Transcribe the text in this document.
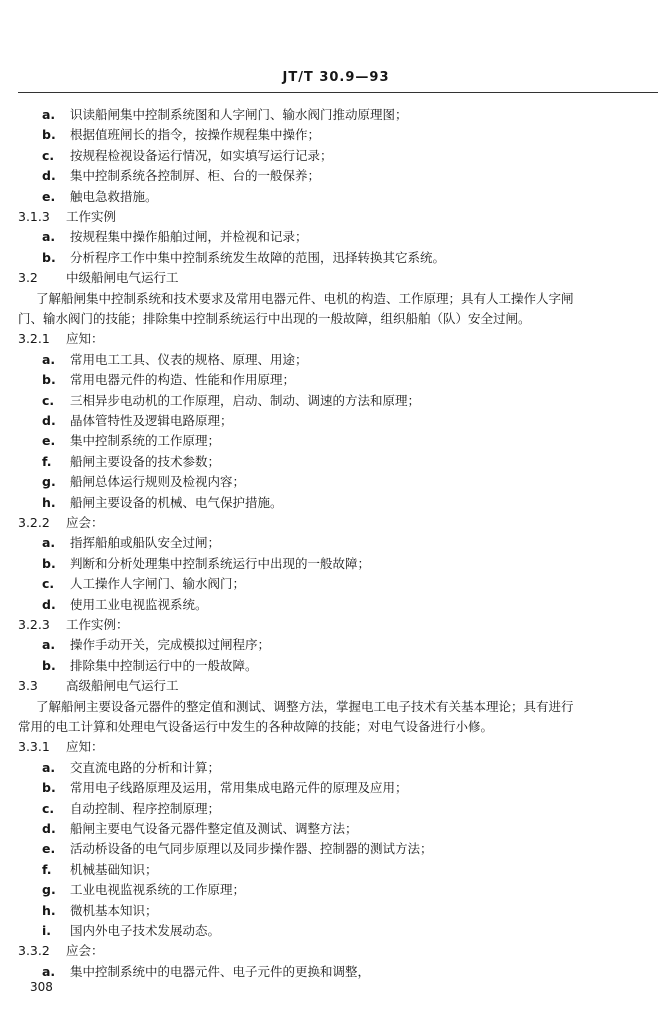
JT/T 30.9—93
a. 识读船闸集中控制系统图和人字闸门、输水阀门推动原理图；
b. 根据值班闸长的指令，按操作规程集中操作；
c. 按规程检视设备运行情况，如实填写运行记录；
d. 集中控制系统各控制屏、柜、台的一般保养；
e. 触电急救措施。
3.1.3 工作实例
a. 按规程集中操作船舶过闸，并检视和记录；
b. 分析程序工作中集中控制系统发生故障的范围，迅择转换其它系统。
3.2 中级船闸电气运行工
了解船闸集中控制系统和技术要求及常用电器元件、电机的构造、工作原理；具有人工操作人字闸
门、输水阀门的技能；排除集中控制系统运行中出现的一般故障，组织船舶（队）安全过闸。
3.2.1 应知：
a. 常用电工工具、仪表的规格、原理、用途；
b. 常用电器元件的构造、性能和作用原理；
c. 三相异步电动机的工作原理，启动、制动、调速的方法和原理；
d. 晶体管特性及逻辑电路原理；
e. 集中控制系统的工作原理；
f. 船闸主要设备的技术参数；
g. 船闸总体运行规则及检视内容；
h. 船闸主要设备的机械、电气保护措施。
3.2.2 应会：
a. 指挥船舶或船队安全过闸；
b. 判断和分析处理集中控制系统运行中出现的一般故障；
c. 人工操作人字闸门、输水阀门；
d. 使用工业电视监视系统。
3.2.3 工作实例：
a. 操作手动开关，完成模拟过闸程序；
b. 排除集中控制运行中的一般故障。
3.3 高级船闸电气运行工
了解船闸主要设备元器件的整定值和测试、调整方法，掌握电工电子技术有关基本理论；具有进行
常用的电工计算和处理电气设备运行中发生的各种故障的技能；对电气设备进行小修。
3.3.1 应知：
a. 交直流电路的分析和计算；
b. 常用电子线路原理及运用，常用集成电路元件的原理及应用；
c. 自动控制、程序控制原理；
d. 船闸主要电气设备元器件整定值及测试、调整方法；
e. 活动桥设备的电气同步原理以及同步操作器、控制器的测试方法；
f. 机械基础知识；
g. 工业电视监视系统的工作原理；
h. 微机基本知识；
i. 国内外电子技术发展动态。
3.3.2 应会：
a. 集中控制系统中的电器元件、电子元件的更换和调整，
308
